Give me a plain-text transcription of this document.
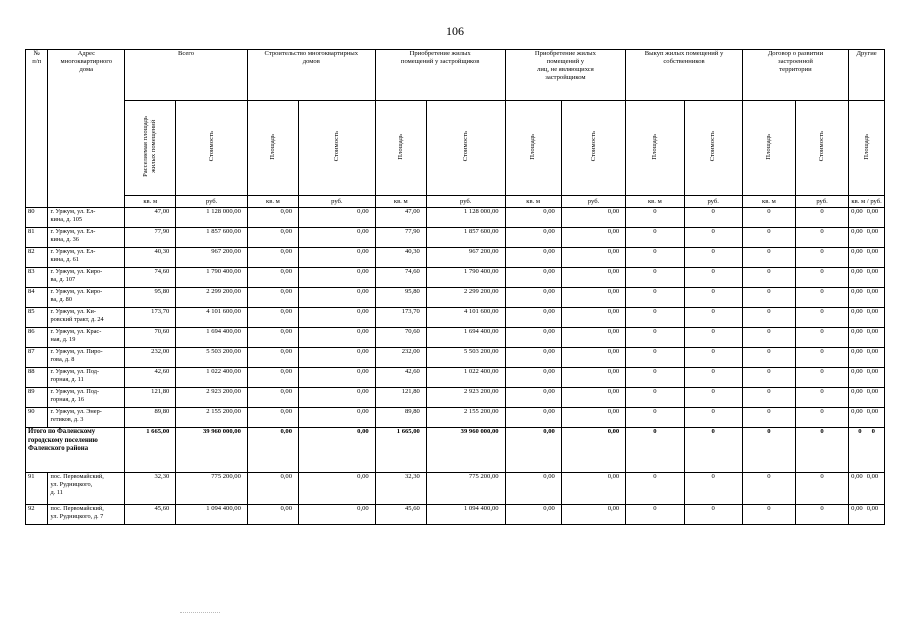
106
№
п/п	Адрес
многоквартирного
дома	Всего		Строительство многоквартирных
домов		Приобретение жилых
помещений у застройщиков		Приобретение жилых
помещений у
лиц, не являющихся
застройщиком		Выкуп жилых помещений у
собственников		Договор о развитии
застроенной
территории		Другие
		Расселяемая площадь
жилых помещений	Стоимость	Площадь	Стоимость	Площадь	Стоимость	Площадь	Стоимость	Площадь	Стоимость	Площадь	Стоимость	Площадь
		кв. м	руб.	кв. м	руб.	кв. м	руб.	кв. м	руб.	кв. м	руб.	кв. м	руб.	кв. м / руб.
80	г. Уржум, ул. Ел-
кина, д. 105	47,00	1 128 000,00	0,00	0,00	47,00	1 128 000,00	0,00	0,00	0	0	0	0	0,00 0,00
81	г. Уржум, ул. Ел-
кина, д. 36	77,90	1 857 600,00	0,00	0,00	77,90	1 857 600,00	0,00	0,00	0	0	0	0	0,00 0,00
82	г. Уржум, ул. Ел-
кина, д. 61	40,30	967 200,00	0,00	0,00	40,30	967 200,00	0,00	0,00	0	0	0	0	0,00 0,00
83	г. Уржум, ул. Киро-
ва, д. 107	74,60	1 790 400,00	0,00	0,00	74,60	1 790 400,00	0,00	0,00	0	0	0	0	0,00 0,00
84	г. Уржум, ул. Киро-
ва, д. 80	95,80	2 299 200,00	0,00	0,00	95,80	2 299 200,00	0,00	0,00	0	0	0	0	0,00 0,00
85	г. Уржум, ул. Ки-
ровский тракт, д. 24	173,70	4 101 600,00	0,00	0,00	173,70	4 101 600,00	0,00	0,00	0	0	0	0	0,00 0,00
86	г. Уржум, ул. Крас-
ная, д. 19	70,60	1 694 400,00	0,00	0,00	70,60	1 694 400,00	0,00	0,00	0	0	0	0	0,00 0,00
87	г. Уржум, ул. Пиро-
гова, д. 8	232,00	5 503 200,00	0,00	0,00	232,00	5 503 200,00	0,00	0,00	0	0	0	0	0,00 0,00
88	г. Уржум, ул. Под-
горная, д. 11	42,60	1 022 400,00	0,00	0,00	42,60	1 022 400,00	0,00	0,00	0	0	0	0	0,00 0,00
89	г. Уржум, ул. Под-
горная, д. 16	121,80	2 923 200,00	0,00	0,00	121,80	2 923 200,00	0,00	0,00	0	0	0	0	0,00 0,00
90	г. Уржум, ул. Энер-
гетиков, д. 3	89,80	2 155 200,00	0,00	0,00	89,80	2 155 200,00	0,00	0,00	0	0	0	0	0,00 0,00
Итого по Фаленскому городскому поселению Фаленского района		1 665,00	39 960 000,00	0,00	0,00	1 665,00	39 960 000,00	0,00	0,00	0	0	0	0	0 0
91	пос. Первомайский,
ул. Рудницкого,
д. 11	32,30	775 200,00	0,00	0,00	32,30	775 200,00	0,00	0,00	0	0	0	0	0,00 0,00
92	пос. Первомайский,
ул. Рудницкого, д. 7	45,60	1 094 400,00	0,00	0,00	45,60	1 094 400,00	0,00	0,00	0	0	0	0	0,00 0,00
